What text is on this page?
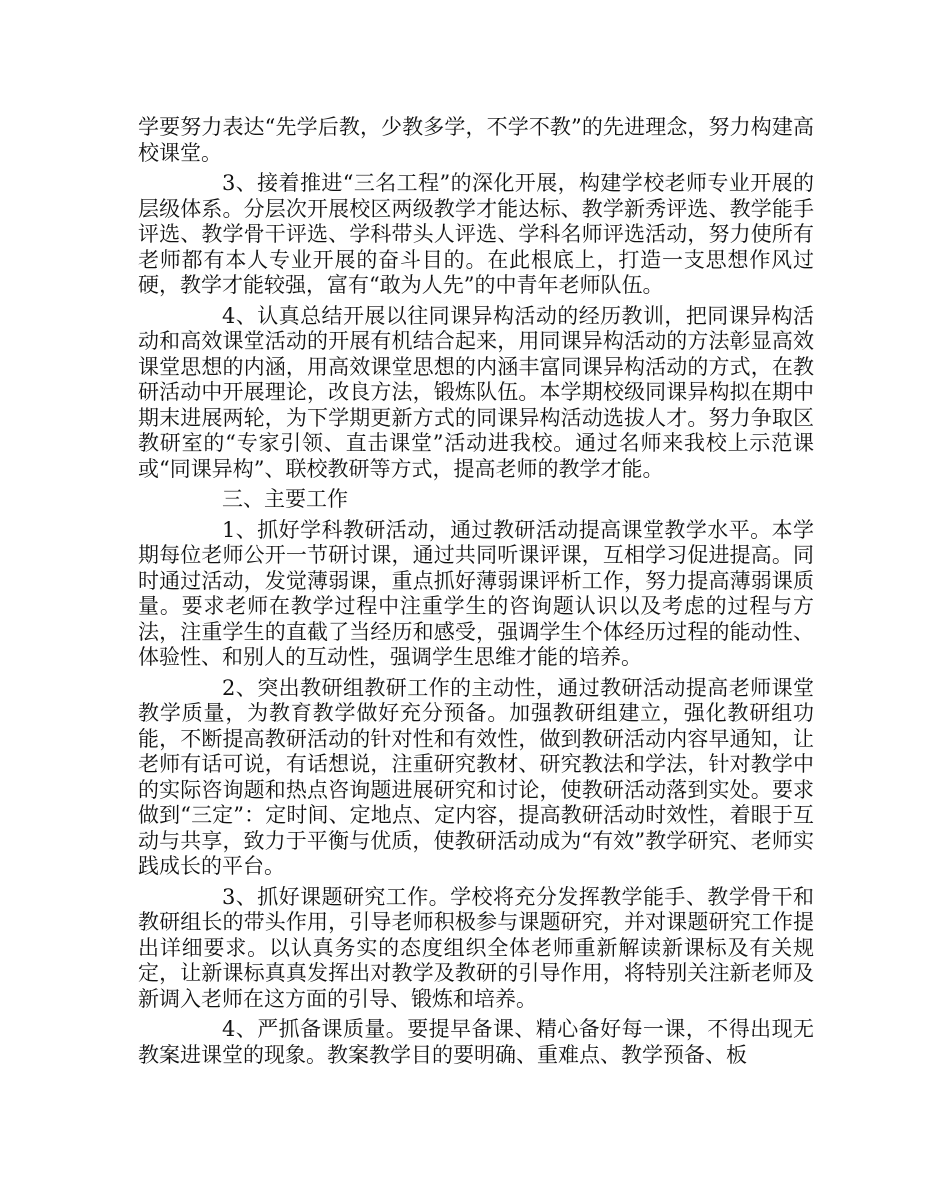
学要努力表达“先学后教，少教多学，不学不教”的先进理念，努力构建高校课堂。

3、接着推进“三名工程”的深化开展，构建学校老师专业开展的层级体系。分层次开展校区两级教学才能达标、教学新秀评选、教学能手评选、教学骨干评选、学科带头人评选、学科名师评选活动，努力使所有老师都有本人专业开展的奋斗目的。在此根底上，打造一支思想作风过硬，教学才能较强，富有“敢为人先”的中青年老师队伍。

4、认真总结开展以往同课异构活动的经历教训，把同课异构活动和高效课堂活动的开展有机结合起来，用同课异构活动的方法彰显高效课堂思想的内涵，用高效课堂思想的内涵丰富同课异构活动的方式，在教研活动中开展理论，改良方法，锻炼队伍。本学期校级同课异构拟在期中期末进展两轮，为下学期更新方式的同课异构活动选拔人才。努力争取区教研室的“专家引领、直击课堂”活动进我校。通过名师来我校上示范课或“同课异构”、联校教研等方式，提高老师的教学才能。

三、主要工作

1、抓好学科教研活动，通过教研活动提高课堂教学水平。本学期每位老师公开一节研讨课，通过共同听课评课，互相学习促进提高。同时通过活动，发觉薄弱课，重点抓好薄弱课评析工作，努力提高薄弱课质量。要求老师在教学过程中注重学生的咨询题认识以及考虑的过程与方法，注重学生的直截了当经历和感受，强调学生个体经历过程的能动性、体验性、和别人的互动性，强调学生思维才能的培养。

2、突出教研组教研工作的主动性，通过教研活动提高老师课堂教学质量，为教育教学做好充分预备。加强教研组建立，强化教研组功能，不断提高教研活动的针对性和有效性，做到教研活动内容早通知，让老师有话可说，有话想说，注重研究教材、研究教法和学法，针对教学中的实际咨询题和热点咨询题进展研究和讨论，使教研活动落到实处。要求做到“三定”：定时间、定地点、定内容，提高教研活动时效性，着眼于互动与共享，致力于平衡与优质，使教研活动成为“有效”教学研究、老师实践成长的平台。

3、抓好课题研究工作。学校将充分发挥教学能手、教学骨干和教研组长的带头作用，引导老师积极参与课题研究，并对课题研究工作提出详细要求。以认真务实的态度组织全体老师重新解读新课标及有关规定，让新课标真真发挥出对教学及教研的引导作用，将特别关注新老师及新调入老师在这方面的引导、锻炼和培养。

4、严抓备课质量。要提早备课、精心备好每一课，不得出现无教案进课堂的现象。教案教学目的要明确、重难点、教学预备、板
